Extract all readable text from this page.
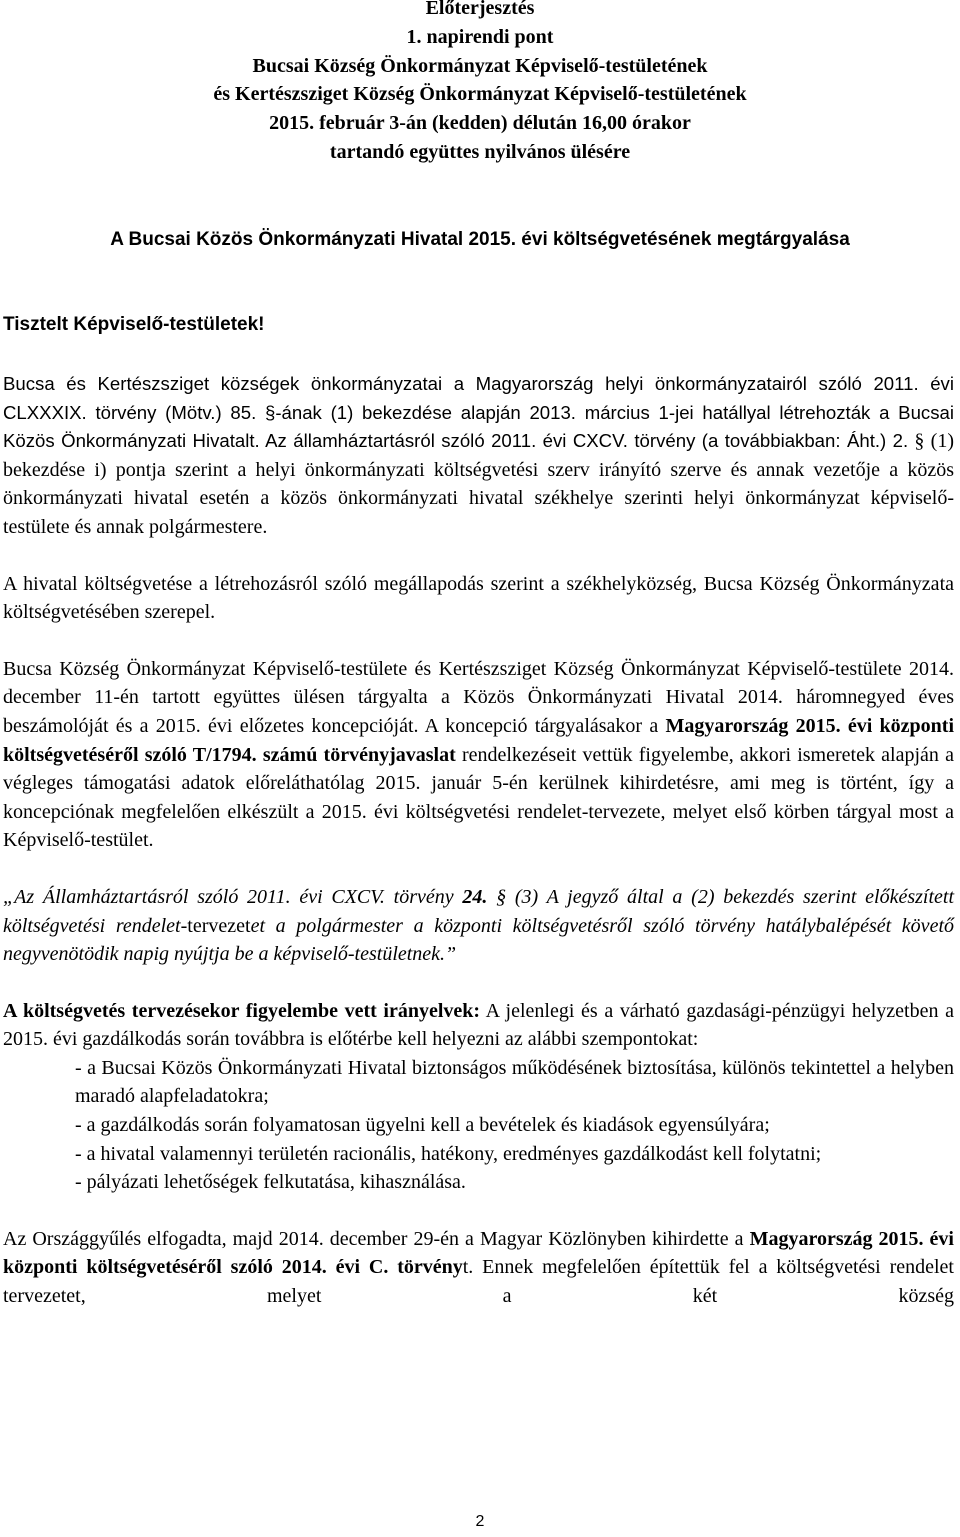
Előterjesztés
1. napirendi pont
Bucsai Község Önkormányzat Képviselő-testületének
és Kertészsziget Község Önkormányzat Képviselő-testületének
2015. február 3-án (kedden) délután 16,00 órakor
tartandó együttes nyilvános ülésére
A Bucsai Közös Önkormányzati Hivatal 2015. évi költségvetésének megtárgyalása
Tisztelt Képviselő-testületek!

Bucsa és Kertészsziget községek önkormányzatai a Magyarország helyi önkormányzatairól szóló 2011. évi CLXXXIX. törvény (Mötv.) 85. §-ának (1) bekezdése alapján 2013. március 1-jei hatállyal létrehozták a Bucsai Közös Önkormányzati Hivatalt. Az államháztartásról szóló 2011. évi CXCV. törvény (a továbbiakban: Áht.) 2. § (1) bekezdése i) pontja szerint a helyi önkormányzati költségvetési szerv irányító szerve és annak vezetője a közös önkormányzati hivatal esetén a közös önkormányzati hivatal székhelye szerinti helyi önkormányzat képviselő-testülete és annak polgármestere.

A hivatal költségvetése a létrehozásról szóló megállapodás szerint a székhelyközség, Bucsa Község Önkormányzata költségvetésében szerepel.

Bucsa Község Önkormányzat Képviselő-testülete és Kertészsziget Község Önkormányzat Képviselő-testülete 2014. december 11-én tartott együttes ülésen tárgyalta a Közös Önkormányzati Hivatal 2014. háromnegyed éves beszámolóját és a 2015. évi előzetes koncepcióját. A koncepció tárgyalásakor a Magyarország 2015. évi központi költségvetéséről szóló T/1794. számú törvényjavaslat rendelkezéseit vettük figyelembe, akkori ismeretek alapján a végleges támogatási adatok előreláthatólag 2015. január 5-én kerülnek kihirdetésre, ami meg is történt, így a koncepciónak megfelelően elkészült a 2015. évi költségvetési rendelet-tervezete, melyet első körben tárgyal most a Képviselő-testület.

„Az Államháztartásról szóló 2011. évi CXCV. törvény 24. § (3) A jegyző által a (2) bekezdés szerint előkészített költségvetési rendelet-tervezetet a polgármester a központi költségvetésről szóló törvény hatálybalépését követő negyvenötödik napig nyújtja be a képviselő-testületnek.”

A költségvetés tervezésekor figyelembe vett irányelvek: A jelenlegi és a várható gazdasági-pénzügyi helyzetben a 2015. évi gazdálkodás során továbbra is előtérbe kell helyezni az alábbi szempontokat:

- a Bucsai Közös Önkormányzati Hivatal biztonságos működésének biztosítása, különös tekintettel a helyben maradó alapfeladatokra;
- a gazdálkodás során folyamatosan ügyelni kell a bevételek és kiadások egyensúlyára;
- a hivatal valamennyi területén racionális, hatékony, eredményes gazdálkodást kell folytatni;
- pályázati lehetőségek felkutatása, kihasználása.

Az Országgyűlés elfogadta, majd 2014. december 29-én a Magyar Közlönyben kihirdette a Magyarország 2015. évi központi költségvetéséről szóló 2014. évi C. törvényt. Ennek megfelelően építettük fel a költségvetési rendelet tervezetet, melyet a két község

2
